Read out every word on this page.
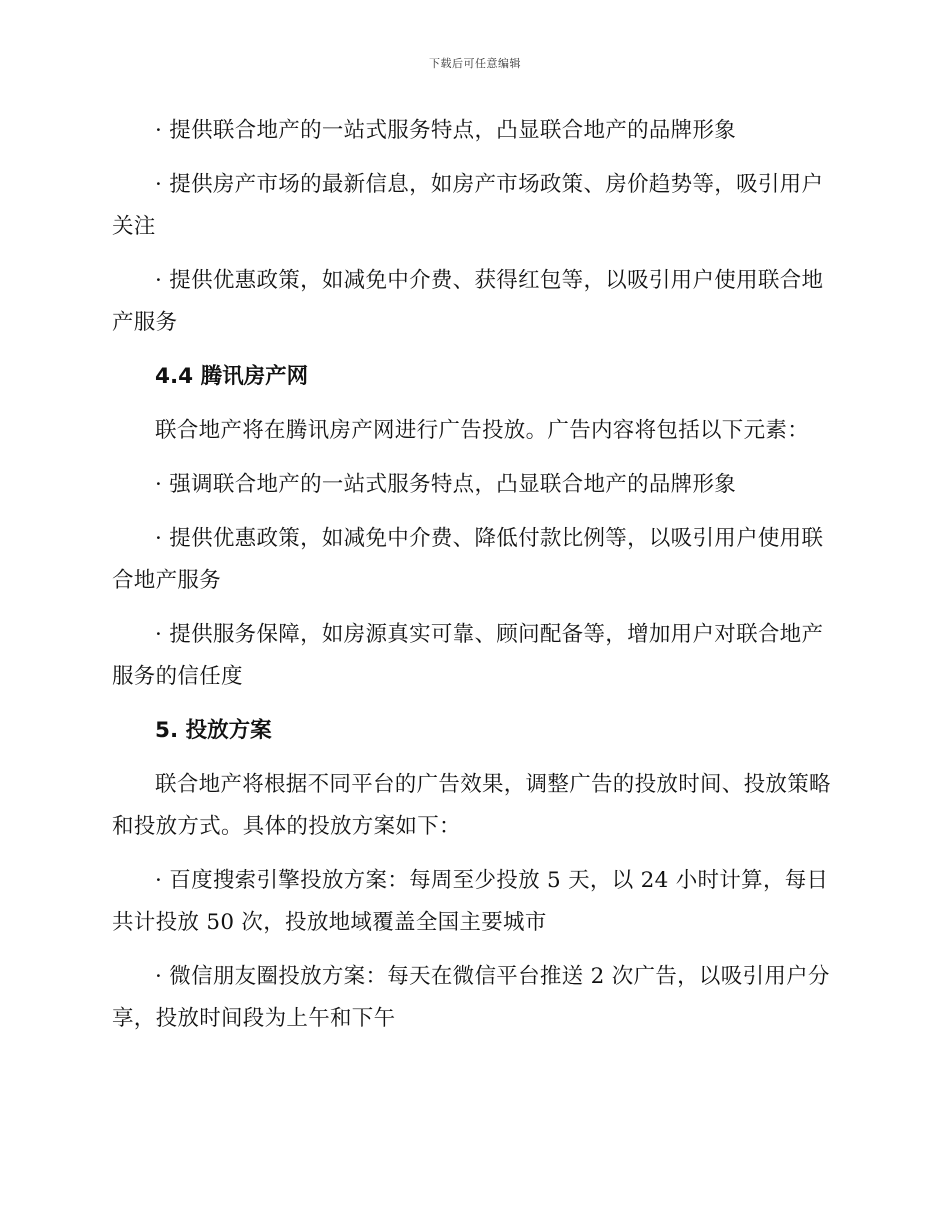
下载后可任意编辑

· 提供联合地产的一站式服务特点，凸显联合地产的品牌形象

· 提供房产市场的最新信息，如房产市场政策、房价趋势等，吸引用户关注

· 提供优惠政策，如减免中介费、获得红包等，以吸引用户使用联合地产服务

4.4 腾讯房产网

联合地产将在腾讯房产网进行广告投放。广告内容将包括以下元素：

· 强调联合地产的一站式服务特点，凸显联合地产的品牌形象

· 提供优惠政策，如减免中介费、降低付款比例等，以吸引用户使用联合地产服务

· 提供服务保障，如房源真实可靠、顾问配备等，增加用户对联合地产服务的信任度

5. 投放方案

联合地产将根据不同平台的广告效果，调整广告的投放时间、投放策略和投放方式。具体的投放方案如下：

· 百度搜索引擎投放方案：每周至少投放 5 天，以 24 小时计算，每日共计投放 50 次，投放地域覆盖全国主要城市

· 微信朋友圈投放方案：每天在微信平台推送 2 次广告，以吸引用户分享，投放时间段为上午和下午
